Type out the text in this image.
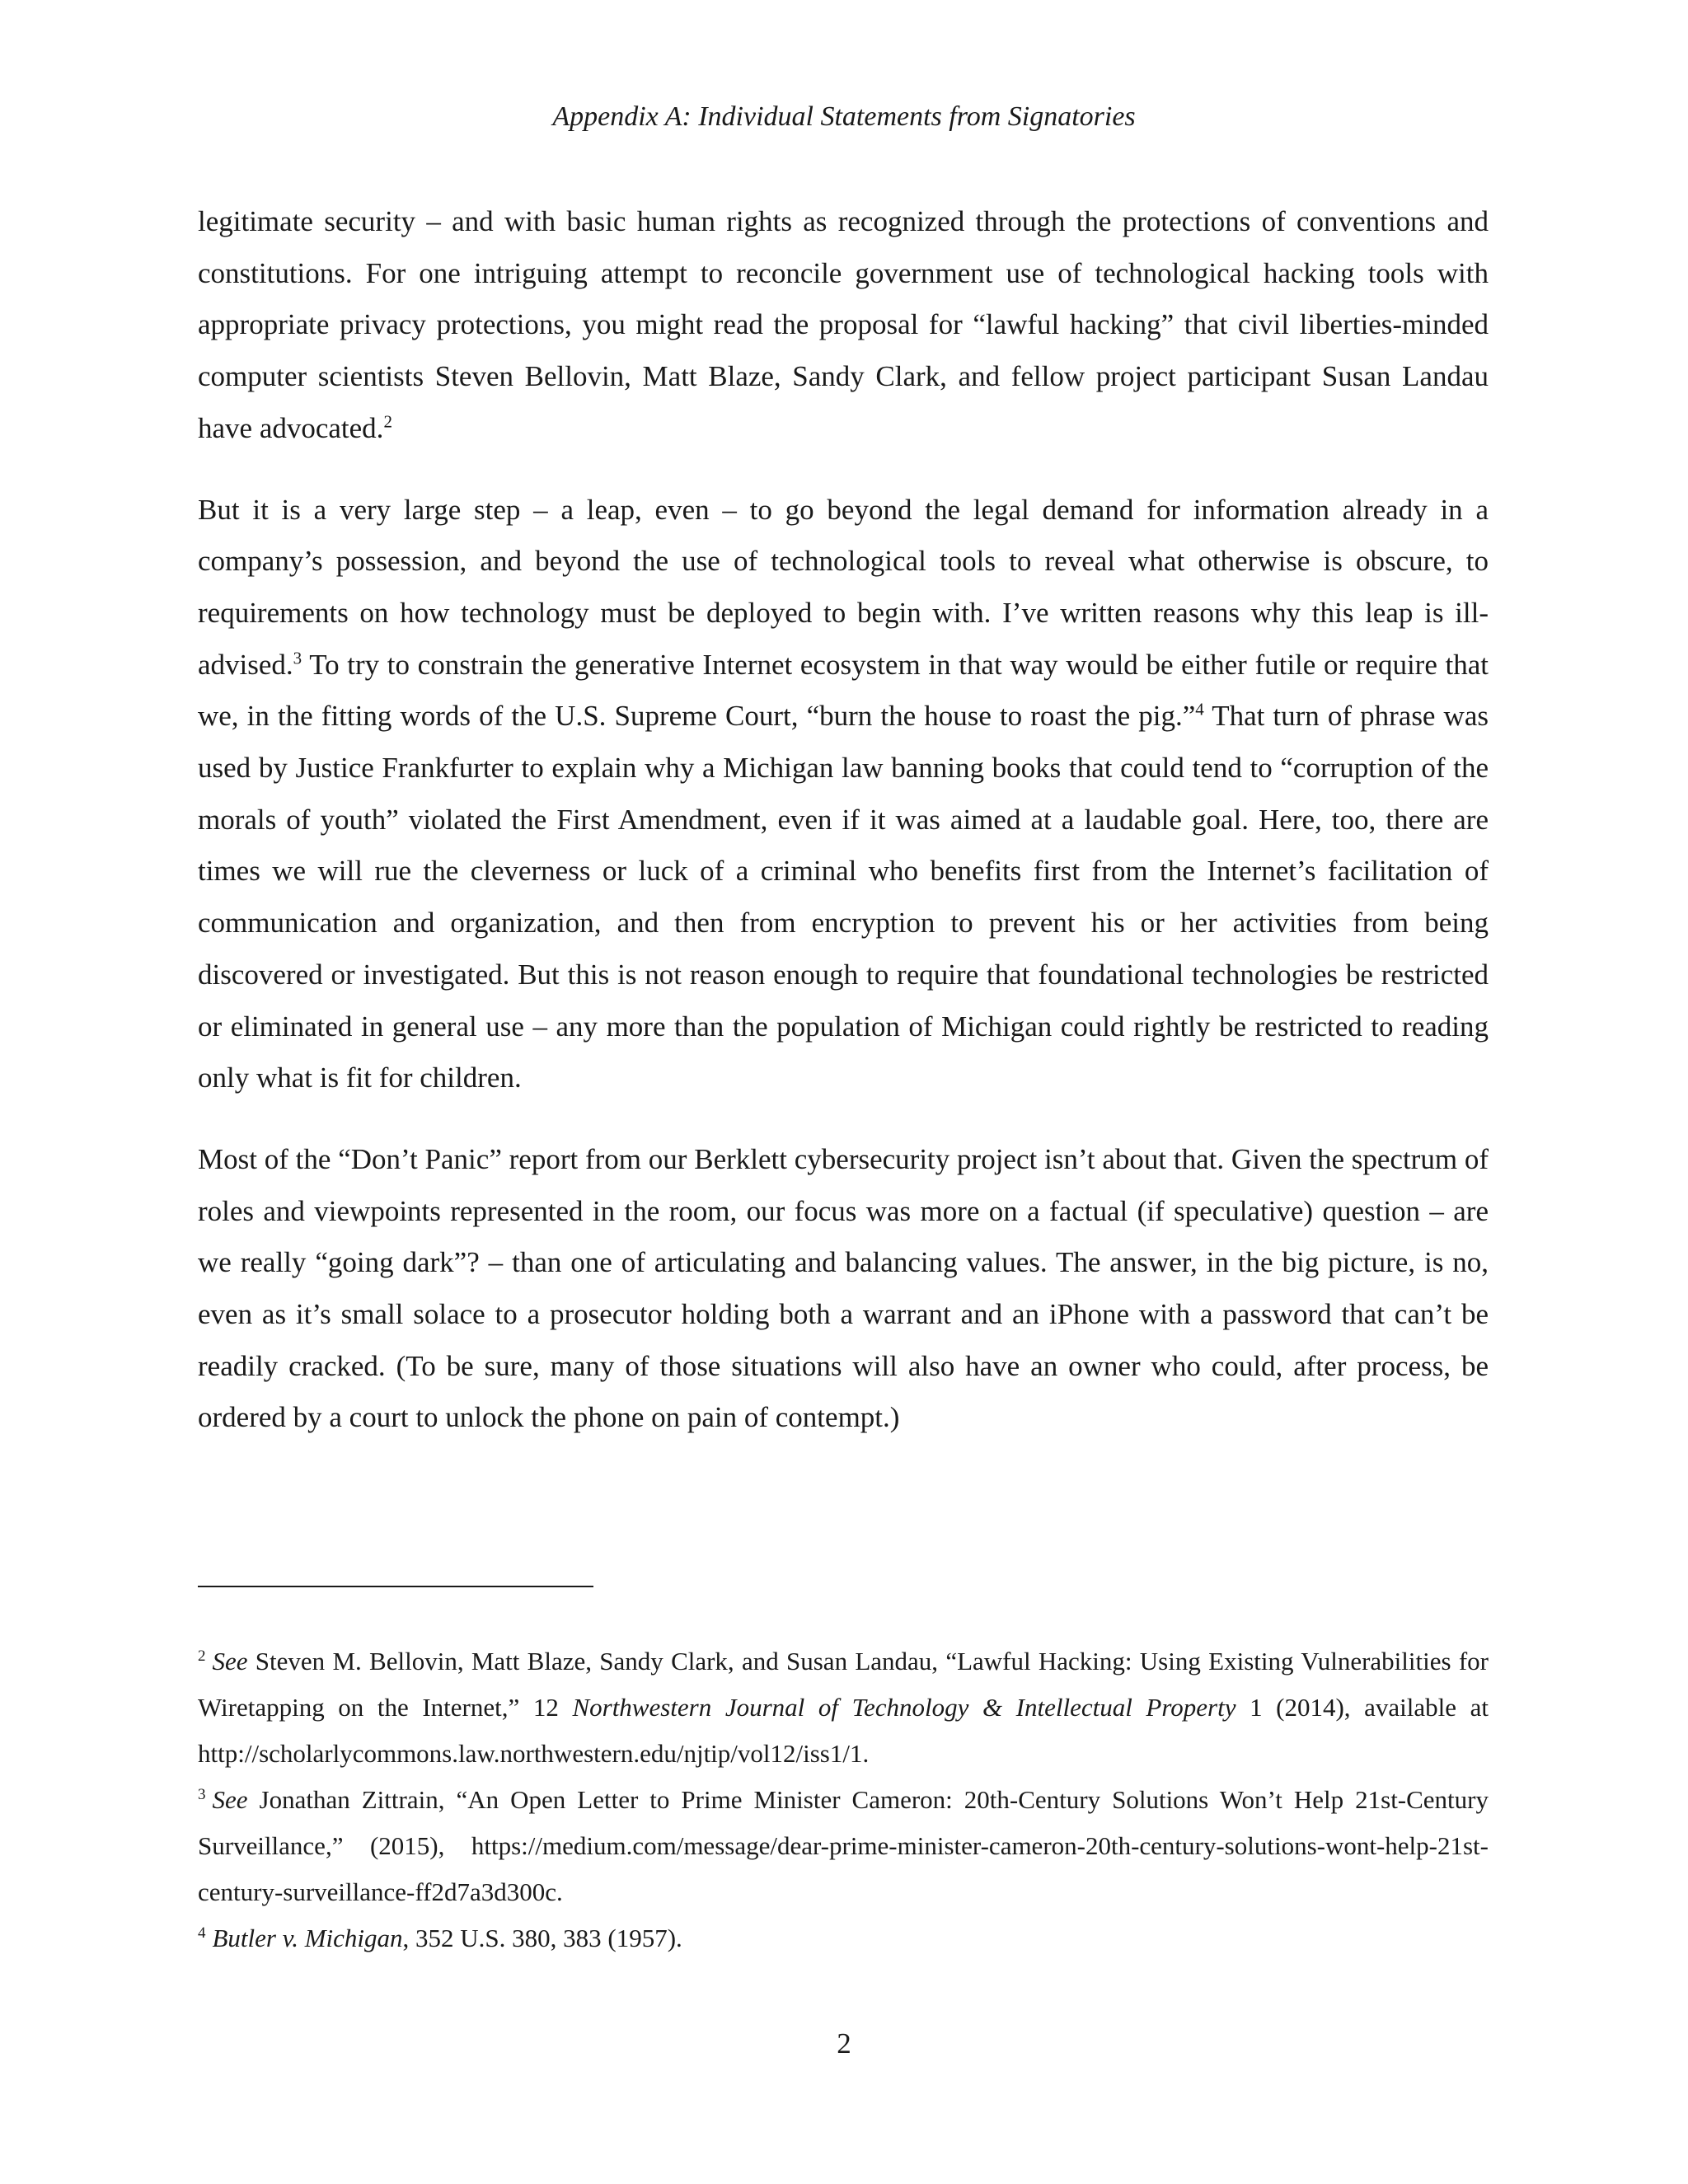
Appendix A: Individual Statements from Signatories

legitimate security – and with basic human rights as recognized through the protections of conventions and constitutions. For one intriguing attempt to reconcile government use of technological hacking tools with appropriate privacy protections, you might read the proposal for “lawful hacking” that civil liberties-minded computer scientists Steven Bellovin, Matt Blaze, Sandy Clark, and fellow project participant Susan Landau have advocated.$^2$

But it is a very large step – a leap, even – to go beyond the legal demand for information already in a company’s possession, and beyond the use of technological tools to reveal what otherwise is obscure, to requirements on how technology must be deployed to begin with. I’ve written reasons why this leap is ill-advised.$^3$ To try to constrain the generative Internet ecosystem in that way would be either futile or require that we, in the fitting words of the U.S. Supreme Court, “burn the house to roast the pig.”$^4$ That turn of phrase was used by Justice Frankfurter to explain why a Michigan law banning books that could tend to “corruption of the morals of youth” violated the First Amendment, even if it was aimed at a laudable goal. Here, too, there are times we will rue the cleverness or luck of a criminal who benefits first from the Internet’s facilitation of communication and organization, and then from encryption to prevent his or her activities from being discovered or investigated. But this is not reason enough to require that foundational technologies be restricted or eliminated in general use – any more than the population of Michigan could rightly be restricted to reading only what is fit for children.

Most of the “Don’t Panic” report from our Berklett cybersecurity project isn’t about that. Given the spectrum of roles and viewpoints represented in the room, our focus was more on a factual (if speculative) question – are we really “going dark”? – than one of articulating and balancing values. The answer, in the big picture, is no, even as it’s small solace to a prosecutor holding both a warrant and an iPhone with a password that can’t be readily cracked. (To be sure, many of those situations will also have an owner who could, after process, be ordered by a court to unlock the phone on pain of contempt.)

$^2$ See Steven M. Bellovin, Matt Blaze, Sandy Clark, and Susan Landau, “Lawful Hacking: Using Existing Vulnerabilities for Wiretapping on the Internet,” 12 Northwestern Journal of Technology & Intellectual Property 1 (2014), available at http://scholarlycommons.law.northwestern.edu/njtip/vol12/iss1/1.

$^3$ See Jonathan Zittrain, “An Open Letter to Prime Minister Cameron: 20th-Century Solutions Won’t Help 21st-Century Surveillance,” (2015), https://medium.com/message/dear-prime-minister-cameron-20th-century-solutions-wont-help-21st-century-surveillance-ff2d7a3d300c.

$^4$ Butler v. Michigan, 352 U.S. 380, 383 (1957).

2
